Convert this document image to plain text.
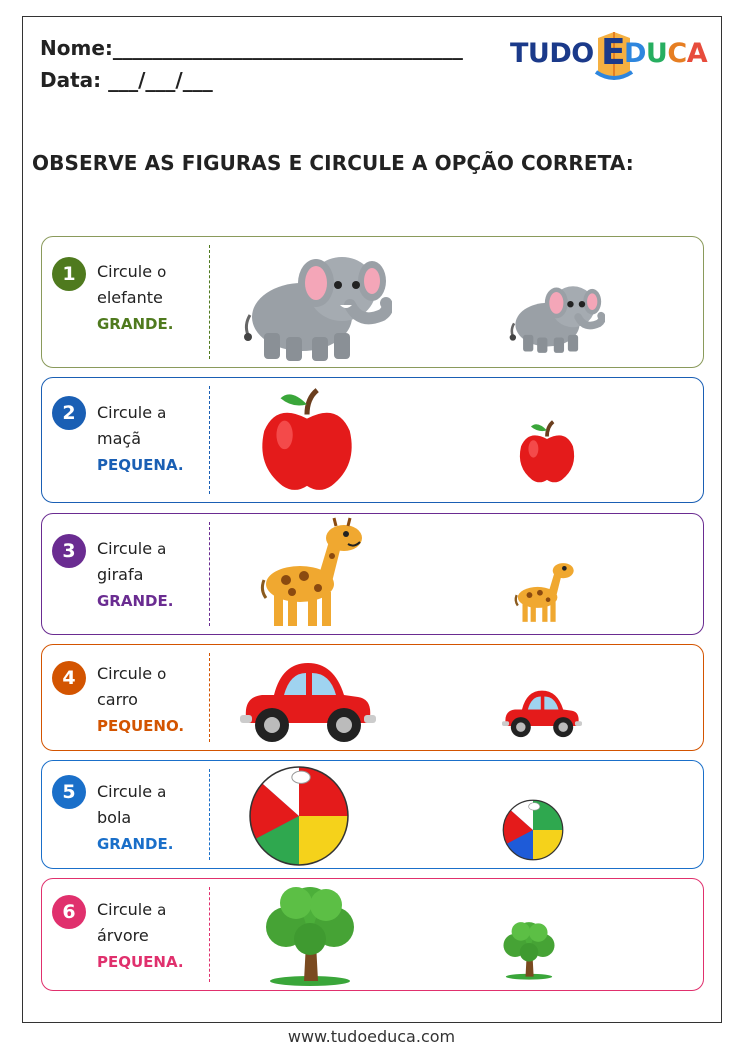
Nome:___________________________________
Data: ___/___/___
TUDO E
DUCA
OBSERVE AS FIGURAS E CIRCULE A OPÇÃO CORRETA:
1	Circule o
elefante
GRANDE.
2	Circule a
maçã
PEQUENA.
3	Circule a
girafa
GRANDE.
4	Circule o
carro
PEQUENO.
5	Circule a
bola
GRANDE.
6	Circule a
árvore
PEQUENA.
www.tudoeduca.com
